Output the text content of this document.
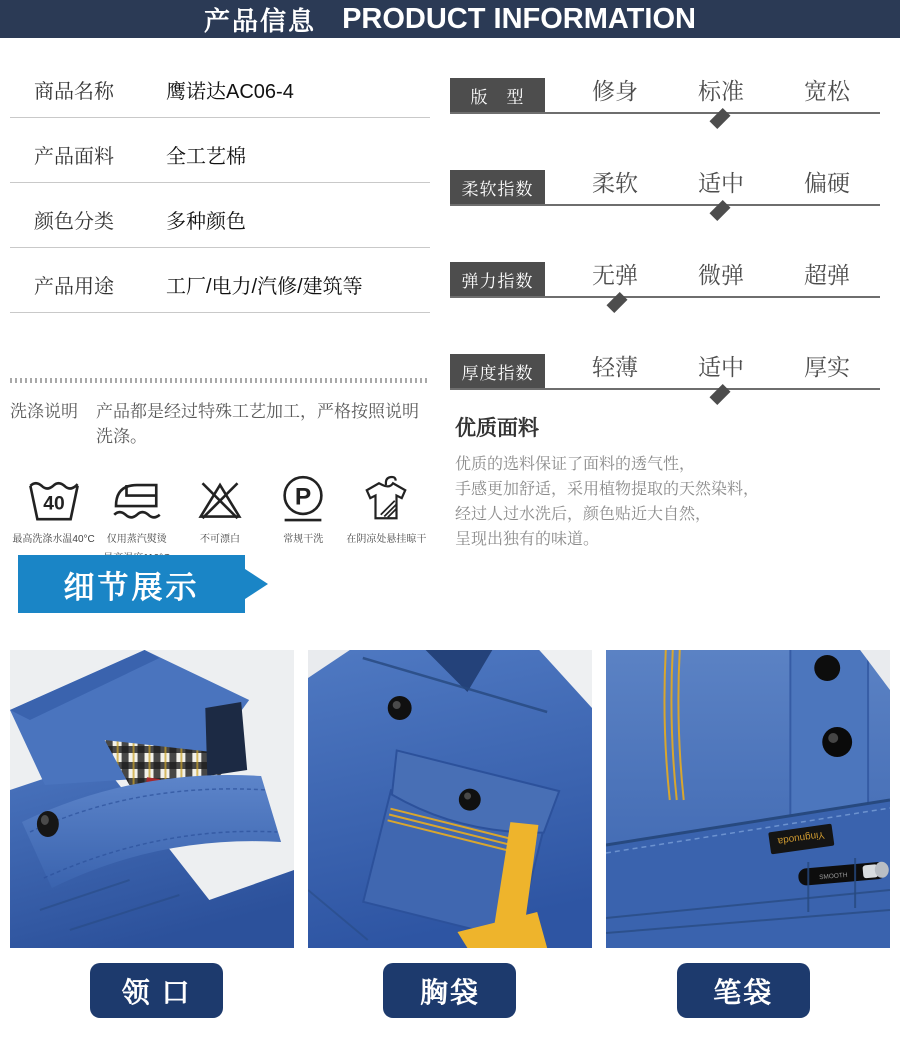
产品信息 PRODUCT INFORMATION
商品名称	鹰诺达AC06-4
产品面料	全工艺棉
颜色分类	多种颜色
产品用途	工厂/电力/汽修/建筑等
洗涤说明 产品都是经过特殊工艺加工，严格按照说明洗涤。
40
最高洗涤水温40°C 仅用蒸汽熨烫	不可漂白
P
常规干洗 在阴凉处悬挂晾干
版　型	修身	标准	宽松
柔软指数	柔软	适中	偏硬
弹力指数	无弹	微弹	超弹
厚度指数	轻薄	适中	厚实
优质面料
优质的选料保证了面料的透气性，
手感更加舒适，采用植物提取的天然染料，
经过人过水洗后，颜色贴近大自然，
呈现出独有的味道。
细节展示
Yingnuoda
SMOOTH
领 口	胸袋	笔袋
